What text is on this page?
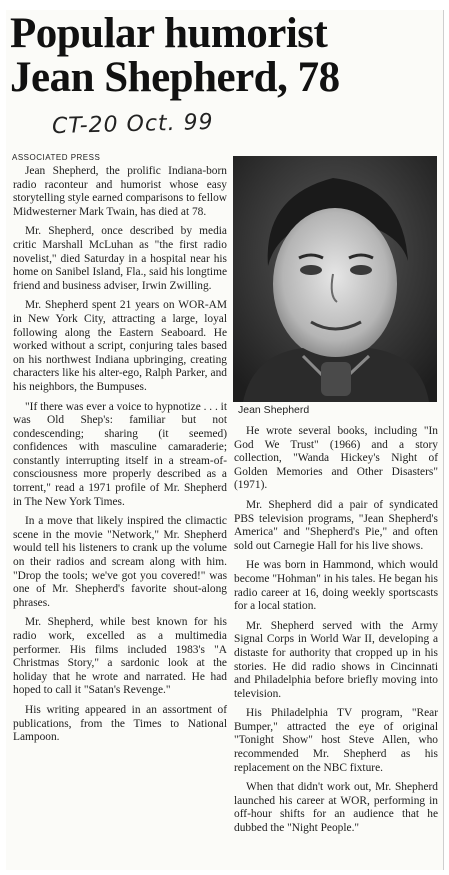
Popular humorist
Jean Shepherd, 78
CT-20 Oct. 99
ASSOCIATED PRESS

Jean Shepherd, the prolific Indiana-born radio raconteur and humorist whose easy storytelling style earned comparisons to fellow Midwesterner Mark Twain, has died at 78.

Mr. Shepherd, once described by media critic Marshall McLuhan as "the first radio novelist," died Saturday in a hospital near his home on Sanibel Island, Fla., said his longtime friend and business adviser, Irwin Zwilling.

Mr. Shepherd spent 21 years on WOR-AM in New York City, attracting a large, loyal following along the Eastern Seaboard. He worked without a script, conjuring tales based on his northwest Indiana upbringing, creating characters like his alter-ego, Ralph Parker, and his neighbors, the Bumpuses.

"If there was ever a voice to hypnotize . . . it was Old Shep's: familiar but not condescending; sharing (it seemed) confidences with masculine camaraderie; constantly interrupting itself in a stream-of-consciousness more properly described as a torrent," read a 1971 profile of Mr. Shepherd in The New York Times.

In a move that likely inspired the climactic scene in the movie "Network," Mr. Shepherd would tell his listeners to crank up the volume on their radios and scream along with him. "Drop the tools; we've got you covered!" was one of Mr. Shepherd's favorite shout-along phrases.

Mr. Shepherd, while best known for his radio work, excelled as a multimedia performer. His films included 1983's "A Christmas Story," a sardonic look at the holiday that he wrote and narrated. He had hoped to call it "Satan's Revenge."

His writing appeared in an assortment of publications, from the Times to National Lampoon.

Jean Shepherd

He wrote several books, including "In God We Trust" (1966) and a story collection, "Wanda Hickey's Night of Golden Memories and Other Disasters" (1971).

Mr. Shepherd did a pair of syndicated PBS television programs, "Jean Shepherd's America" and "Shepherd's Pie," and often sold out Carnegie Hall for his live shows.

He was born in Hammond, which would become "Hohman" in his tales. He began his radio career at 16, doing weekly sportscasts for a local station.

Mr. Shepherd served with the Army Signal Corps in World War II, developing a distaste for authority that cropped up in his stories. He did radio shows in Cincinnati and Philadelphia before briefly moving into television.

His Philadelphia TV program, "Rear Bumper," attracted the eye of original "Tonight Show" host Steve Allen, who recommended Mr. Shepherd as his replacement on the NBC fixture.

When that didn't work out, Mr. Shepherd launched his career at WOR, performing in off-hour shifts for an audience that he dubbed the "Night People."
